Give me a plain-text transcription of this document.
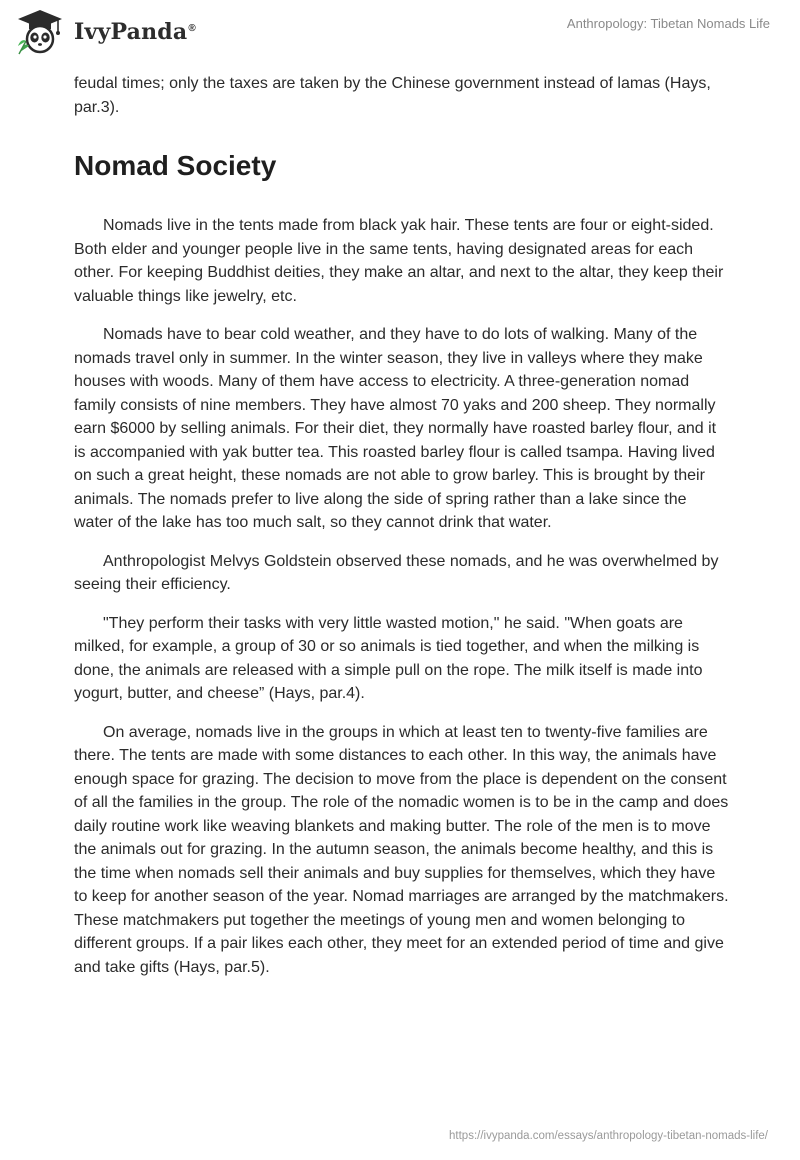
IvyPanda®	Anthropology: Tibetan Nomads Life

feudal times; only the taxes are taken by the Chinese government instead of lamas (Hays, par.3).

Nomad Society

Nomads live in the tents made from black yak hair. These tents are four or eight-sided. Both elder and younger people live in the same tents, having designated areas for each other. For keeping Buddhist deities, they make an altar, and next to the altar, they keep their valuable things like jewelry, etc.

Nomads have to bear cold weather, and they have to do lots of walking. Many of the nomads travel only in summer. In the winter season, they live in valleys where they make houses with woods. Many of them have access to electricity. A three-generation nomad family consists of nine members. They have almost 70 yaks and 200 sheep. They normally earn $6000 by selling animals. For their diet, they normally have roasted barley flour, and it is accompanied with yak butter tea. This roasted barley flour is called tsampa. Having lived on such a great height, these nomads are not able to grow barley. This is brought by their animals. The nomads prefer to live along the side of spring rather than a lake since the water of the lake has too much salt, so they cannot drink that water.

Anthropologist Melvys Goldstein observed these nomads, and he was overwhelmed by seeing their efficiency.

"They perform their tasks with very little wasted motion," he said. "When goats are milked, for example, a group of 30 or so animals is tied together, and when the milking is done, the animals are released with a simple pull on the rope. The milk itself is made into yogurt, butter, and cheese” (Hays, par.4).

On average, nomads live in the groups in which at least ten to twenty-five families are there. The tents are made with some distances to each other. In this way, the animals have enough space for grazing. The decision to move from the place is dependent on the consent of all the families in the group. The role of the nomadic women is to be in the camp and does daily routine work like weaving blankets and making butter. The role of the men is to move the animals out for grazing. In the autumn season, the animals become healthy, and this is the time when nomads sell their animals and buy supplies for themselves, which they have to keep for another season of the year. Nomad marriages are arranged by the matchmakers. These matchmakers put together the meetings of young men and women belonging to different groups. If a pair likes each other, they meet for an extended period of time and give and take gifts (Hays, par.5).

https://ivypanda.com/essays/anthropology-tibetan-nomads-life/
